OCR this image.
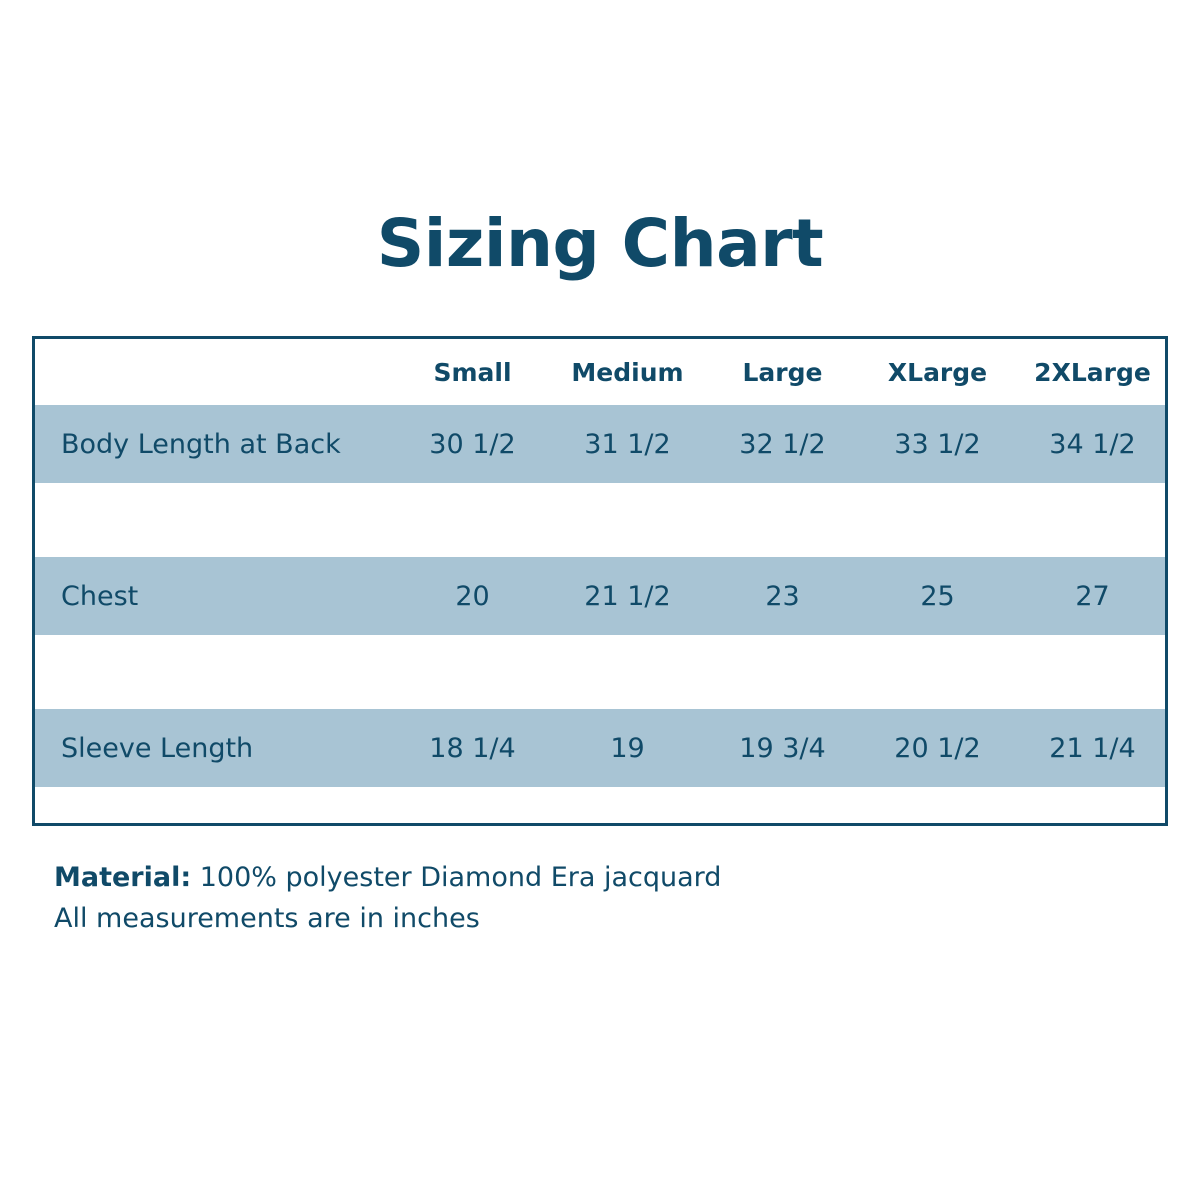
Sizing Chart
	Small	Medium	Large	XLarge	2XLarge
Body Length at Back	30 1/2	31 1/2	32 1/2	33 1/2	34 1/2

Chest	20	21 1/2	23	25	27

Sleeve Length	18 1/4	19	19 3/4	20 1/2	21 1/4

Material: 100% polyester Diamond Era jacquard
All measurements are in inches
